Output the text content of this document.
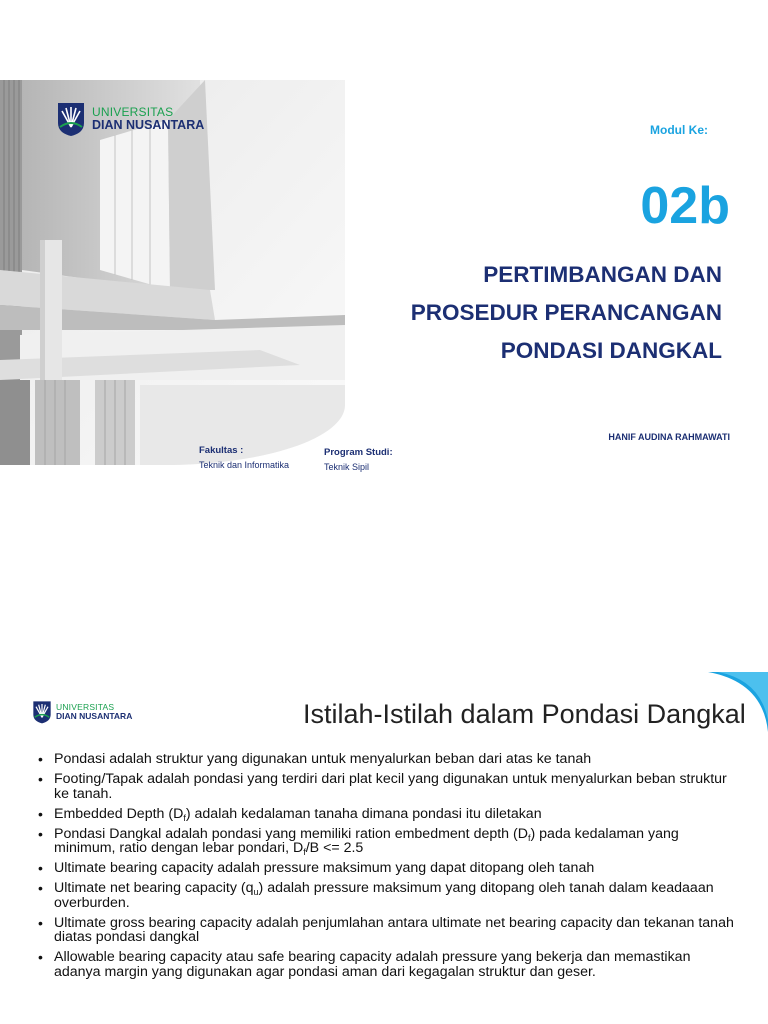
UNIVERSITAS
DIAN NUSANTARA	Modul Ke:
02b
PERTIMBANGAN DAN
PROSEDUR PERANCANGAN
PONDASI DANGKAL
HANIF AUDINA RAHMAWATI
Fakultas :
Teknik dan Informatika
Program Studi:
Teknik Sipil
UNIVERSITAS
DIAN NUSANTARA	Istilah-Istilah dalam Pondasi Dangkal
• Pondasi adalah struktur yang digunakan untuk menyalurkan beban dari atas ke tanah
• Footing/Tapak adalah pondasi yang terdiri dari plat kecil yang digunakan untuk menyalurkan beban struktur ke tanah.
• Embedded Depth $(D_f)$ adalah kedalaman tanaha dimana pondasi itu diletakan
• Pondasi Dangkal adalah pondasi yang memiliki ration embedment depth $(D_f)$ pada kedalaman yang minimum, ratio dengan lebar pondari, $D_f/B <= 2.5$
• Ultimate bearing capacity adalah pressure maksimum yang dapat ditopang oleh tanah
• Ultimate net bearing capacity $(q_u)$ adalah pressure maksimum yang ditopang oleh tanah dalam keadaaan overburden.
• Ultimate gross bearing capacity adalah penjumlahan antara ultimate net bearing capacity dan tekanan tanah diatas pondasi dangkal
• Allowable bearing capacity atau safe bearing capacity adalah pressure yang bekerja dan memastikan adanya margin yang digunakan agar pondasi aman dari kegagalan struktur dan geser.
